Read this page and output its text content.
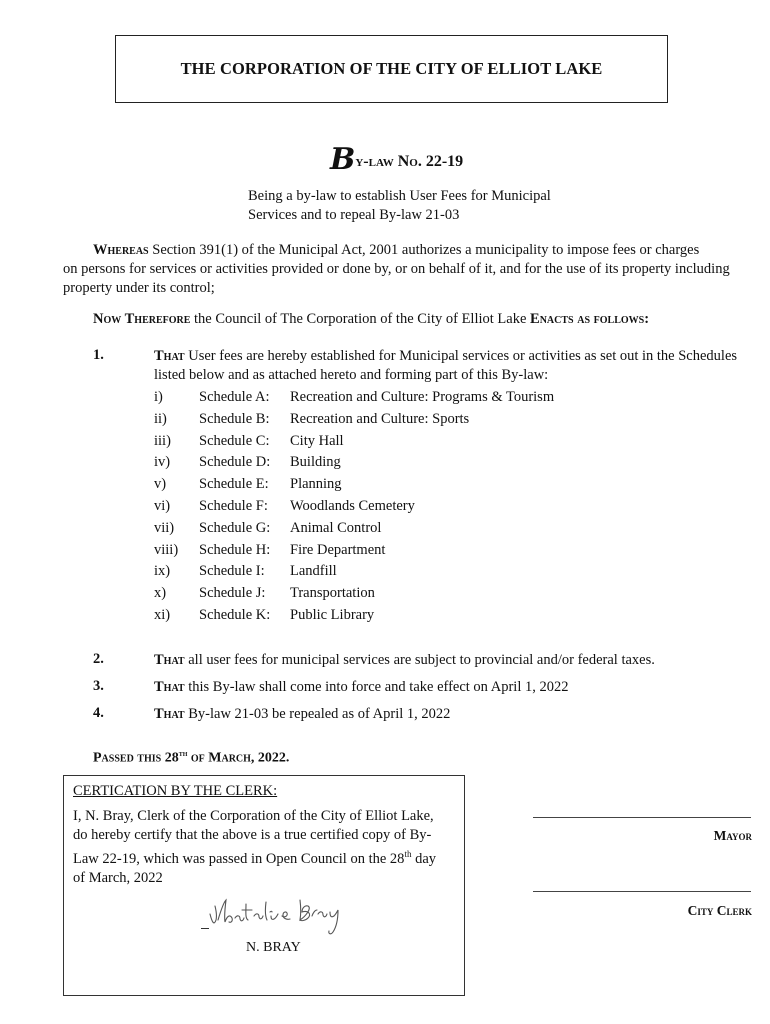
THE CORPORATION OF THE CITY OF ELLIOT LAKE
By-law No. 22-19
Being a by-law to establish User Fees for Municipal
Services and to repeal By-law 21-03
Whereas Section 391(1) of the Municipal Act, 2001 authorizes a municipality to impose fees or charges
on persons for services or activities provided or done by, or on behalf of it, and for the use of its property including property under its control;
Now Therefore the Council of The Corporation of the City of Elliot Lake Enacts as follows:
1.	That User fees are hereby established for Municipal services or activities as set out in the Schedules listed below and as attached hereto and forming part of this By-law:
i) Schedule A: Recreation and Culture: Programs & Tourism
ii) Schedule B: Recreation and Culture: Sports
iii) Schedule C: City Hall
iv) Schedule D: Building
v) Schedule E: Planning
vi) Schedule F: Woodlands Cemetery
vii) Schedule G: Animal Control
viii) Schedule H: Fire Department
ix) Schedule I: Landfill
x) Schedule J: Transportation
xi) Schedule K: Public Library
2.	That all user fees for municipal services are subject to provincial and/or federal taxes.
3.	That this By-law shall come into force and take effect on April 1, 2022
4.	That By-law 21-03 be repealed as of April 1, 2022
Passed this 28th of March, 2022.
CERTICATION BY THE CLERK:
I, N. Bray, Clerk of the Corporation of the City of Elliot Lake,
do hereby certify that the above is a true certified copy of By-
Law 22-19, which was passed in Open Council on the 28th day
of March, 2022
N. BRAY
Mayor
City Clerk
